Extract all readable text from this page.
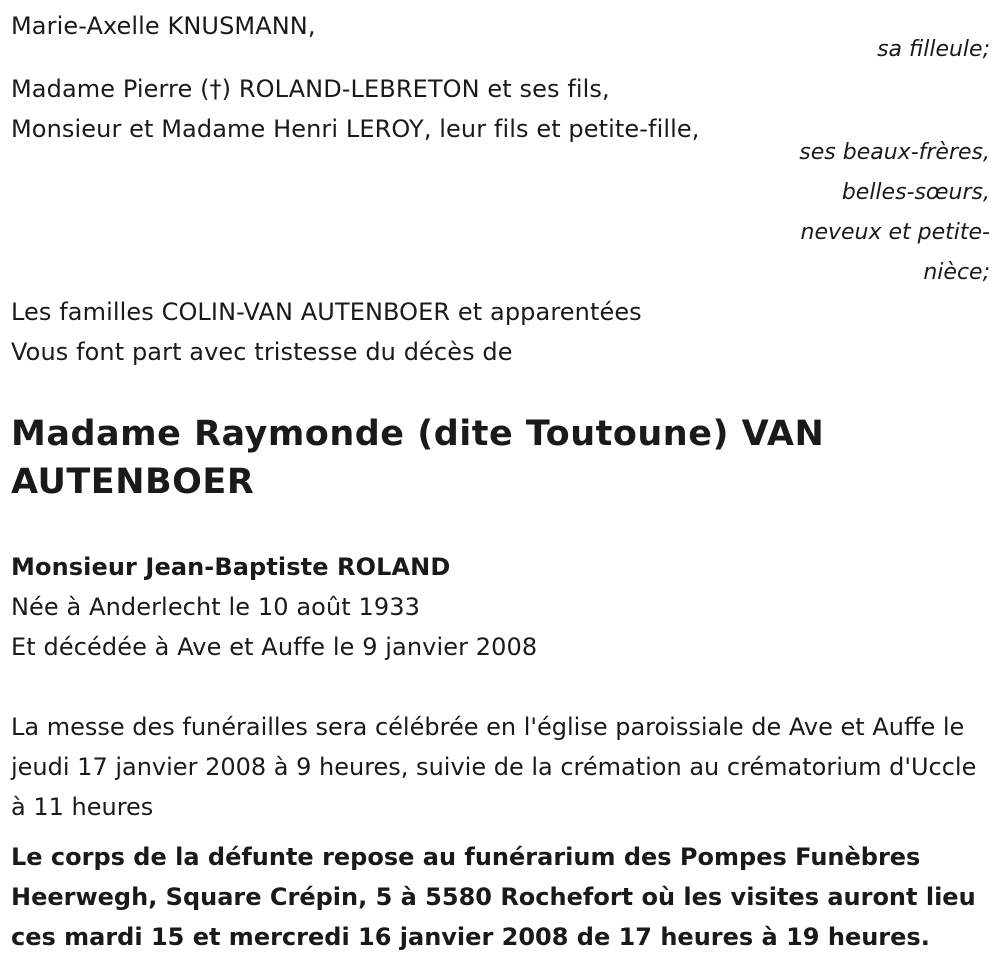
Marie-Axelle KNUSMANN,
sa filleule;
Madame Pierre (†) ROLAND-LEBRETON et ses fils,
Monsieur et Madame Henri LEROY, leur fils et petite-fille,
ses beaux-frères,
belles-sœurs,
neveux et petite-
nièce;
Les familles COLIN-VAN AUTENBOER et apparentées
Vous font part avec tristesse du décès de
Madame Raymonde (dite Toutoune) VAN AUTENBOER
Monsieur Jean-Baptiste ROLAND
Née à Anderlecht le 10 août 1933
Et décédée à Ave et Auffe le 9 janvier 2008
La messe des funérailles sera célébrée en l'église paroissiale de Ave et Auffe le jeudi 17 janvier 2008 à 9 heures, suivie de la crémation au crématorium d'Uccle à 11 heures
Le corps de la défunte repose au funérarium des Pompes Funèbres Heerwegh, Square Crépin, 5 à 5580 Rochefort où les visites auront lieu ces mardi 15 et mercredi 16 janvier 2008 de 17 heures à 19 heures.
